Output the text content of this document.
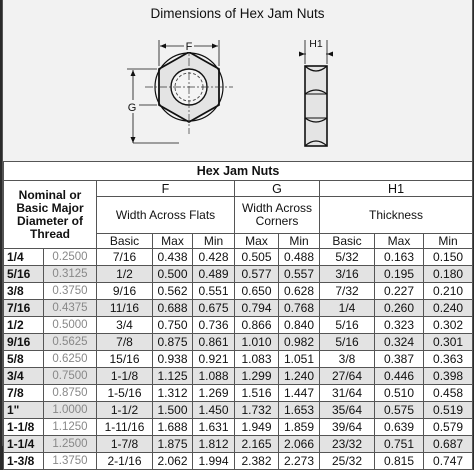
Dimensions of Hex Jam Nuts
F
G
H1
Hex Jam Nuts									
Nominal or Basic Major Diameter of Thread		F			G		H1		
		Width Across Flats			Width Across Corners		Thickness		
		Basic	Max	Min	Max	Min	Basic	Max	Min
1/4	0.2500	7/16	0.438	0.428	0.505	0.488	5/32	0.163	0.150
5/16	0.3125	1/2	0.500	0.489	0.577	0.557	3/16	0.195	0.180
3/8	0.3750	9/16	0.562	0.551	0.650	0.628	7/32	0.227	0.210
7/16	0.4375	11/16	0.688	0.675	0.794	0.768	1/4	0.260	0.240
1/2	0.5000	3/4	0.750	0.736	0.866	0.840	5/16	0.323	0.302
9/16	0.5625	7/8	0.875	0.861	1.010	0.982	5/16	0.324	0.301
5/8	0.6250	15/16	0.938	0.921	1.083	1.051	3/8	0.387	0.363
3/4	0.7500	1-1/8	1.125	1.088	1.299	1.240	27/64	0.446	0.398
7/8	0.8750	1-5/16	1.312	1.269	1.516	1.447	31/64	0.510	0.458
1"	1.0000	1-1/2	1.500	1.450	1.732	1.653	35/64	0.575	0.519
1-1/8	1.1250	1-11/16	1.688	1.631	1.949	1.859	39/64	0.639	0.579
1-1/4	1.2500	1-7/8	1.875	1.812	2.165	2.066	23/32	0.751	0.687
1-3/8	1.3750	2-1/16	2.062	1.994	2.382	2.273	25/32	0.815	0.747
